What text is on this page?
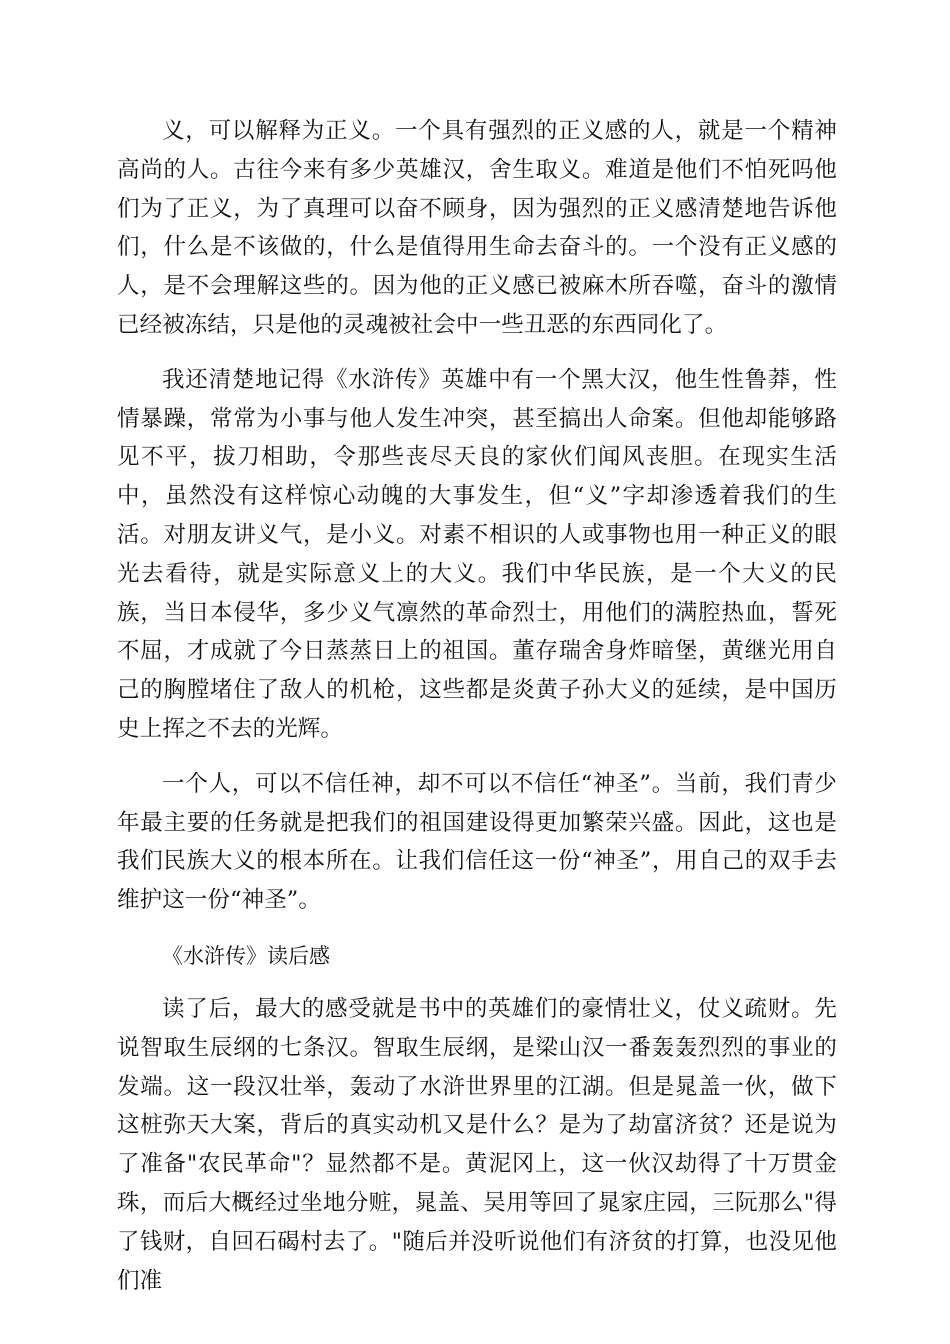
义，可以解释为正义。一个具有强烈的正义感的人，就是一个精神高尚的人。古往今来有多少英雄汉，舍生取义。难道是他们不怕死吗他们为了正义，为了真理可以奋不顾身，因为强烈的正义感清楚地告诉他们，什么是不该做的，什么是值得用生命去奋斗的。一个没有正义感的人，是不会理解这些的。因为他的正义感已被麻木所吞噬，奋斗的激情已经被冻结，只是他的灵魂被社会中一些丑恶的东西同化了。

我还清楚地记得《水浒传》英雄中有一个黑大汉，他生性鲁莽，性情暴躁，常常为小事与他人发生冲突，甚至搞出人命案。但他却能够路见不平，拔刀相助，令那些丧尽天良的家伙们闻风丧胆。在现实生活中，虽然没有这样惊心动魄的大事发生，但“义”字却渗透着我们的生活。对朋友讲义气，是小义。对素不相识的人或事物也用一种正义的眼光去看待，就是实际意义上的大义。我们中华民族，是一个大义的民族，当日本侵华，多少义气凛然的革命烈士，用他们的满腔热血，誓死不屈，才成就了今日蒸蒸日上的祖国。董存瑞舍身炸暗堡，黄继光用自己的胸膛堵住了敌人的机枪，这些都是炎黄子孙大义的延续，是中国历史上挥之不去的光辉。

一个人，可以不信任神，却不可以不信任“神圣”。当前，我们青少年最主要的任务就是把我们的祖国建设得更加繁荣兴盛。因此，这也是我们民族大义的根本所在。让我们信任这一份“神圣”，用自己的双手去维护这一份“神圣”。

《水浒传》读后感

读了后，最大的感受就是书中的英雄们的豪情壮义，仗义疏财。先说智取生辰纲的七条汉。智取生辰纲，是梁山汉一番轰轰烈烈的事业的发端。这一段汉壮举，轰动了水浒世界里的江湖。但是晁盖一伙，做下这桩弥天大案，背后的真实动机又是什么？是为了劫富济贫？还是说为了准备"农民革命"？显然都不是。黄泥冈上，这一伙汉劫得了十万贯金珠，而后大概经过坐地分赃，晁盖、吴用等回了晁家庄园，三阮那么"得了钱财，自回石碣村去了。"随后并没听说他们有济贫的打算，也没见他们准
